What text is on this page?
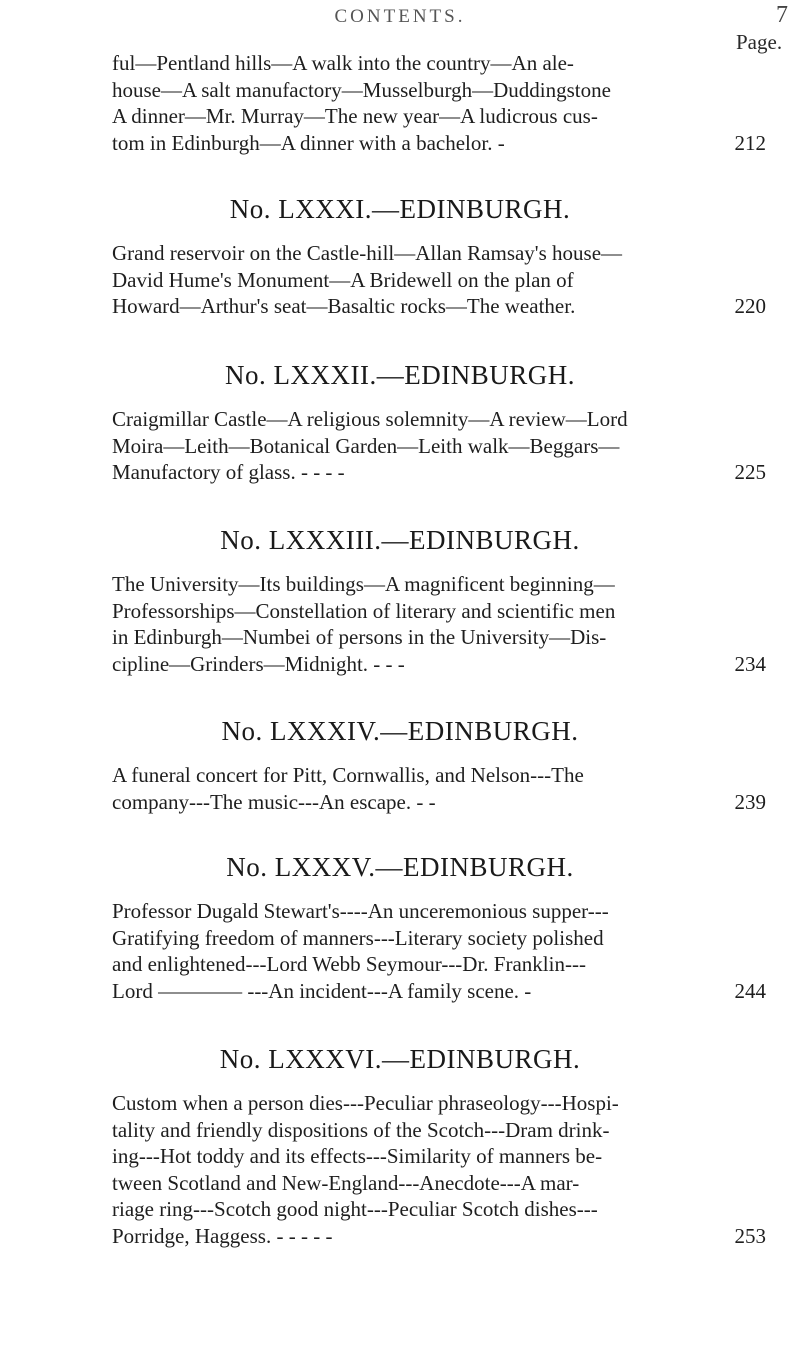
CONTENTS.	7
Page.
ful—Pentland hills—A walk into the country—An ale-
house—A salt manufactory—Musselburgh—Duddingstone
A dinner—Mr. Murray—The new year—A ludicrous cus-
tom in Edinburgh—A dinner with a bachelor. -	212
No. LXXXI.—EDINBURGH.
Grand reservoir on the Castle-hill—Allan Ramsay's house—
David Hume's Monument—A Bridewell on the plan of
Howard—Arthur's seat—Basaltic rocks—The weather.	220
No. LXXXII.—EDINBURGH.
Craigmillar Castle—A religious solemnity—A review—Lord
Moira—Leith—Botanical Garden—Leith walk—Beggars—
Manufactory of glass. - - - -	225
No. LXXXIII.—EDINBURGH.
The University—Its buildings—A magnificent beginning—
Professorships—Constellation of literary and scientific men
in Edinburgh—Numbei of persons in the University—Dis-
cipline—Grinders—Midnight. - - -	234
No. LXXXIV.—EDINBURGH.
A funeral concert for Pitt, Cornwallis, and Nelson---The
company---The music---An escape. - -	239
No. LXXXV.—EDINBURGH.
Professor Dugald Stewart's----An unceremonious supper---
Gratifying freedom of manners---Literary society polished
and enlightened---Lord Webb Seymour---Dr. Franklin---
Lord ———— ---An incident---A family scene. -	244
No. LXXXVI.—EDINBURGH.
Custom when a person dies---Peculiar phraseology---Hospi-
tality and friendly dispositions of the Scotch---Dram drink-
ing---Hot toddy and its effects---Similarity of manners be-
tween Scotland and New-England---Anecdote---A mar-
riage ring---Scotch good night---Peculiar Scotch dishes---
Porridge, Haggess. - - - - -	253
